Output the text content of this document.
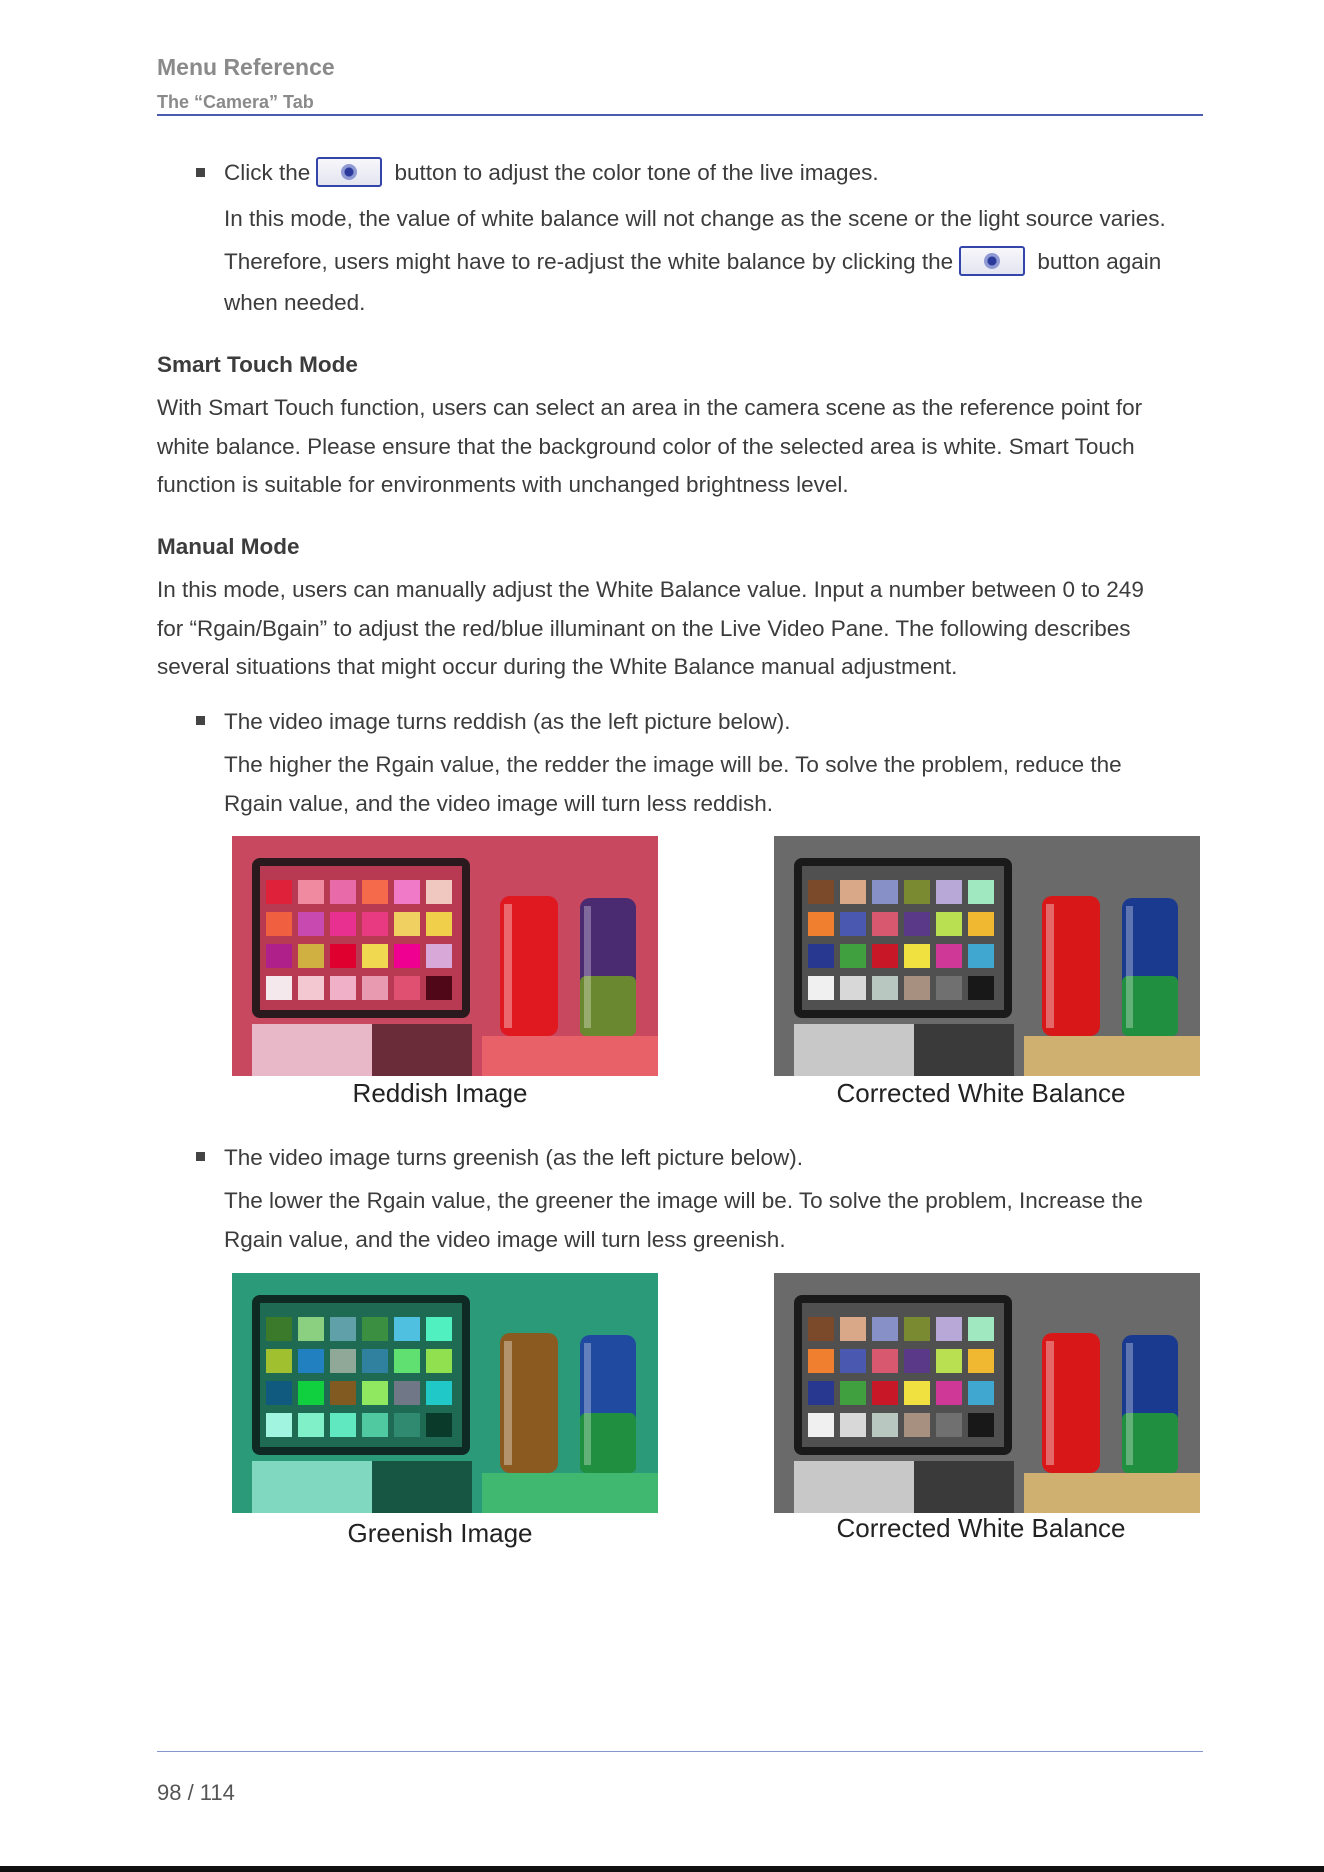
Menu Reference
The “Camera” Tab
Click the	button to adjust the color tone of the live images.
In this mode, the value of white balance will not change as the scene or the light source varies.
Therefore, users might have to re-adjust the white balance by clicking the	button again
when needed.
Smart Touch Mode
With Smart Touch function, users can select an area in the camera scene as the reference point for
white balance. Please ensure that the background color of the selected area is white. Smart Touch
function is suitable for environments with unchanged brightness level.
Manual Mode
In this mode, users can manually adjust the White Balance value. Input a number between 0 to 249
for “Rgain/Bgain” to adjust the red/blue illuminant on the Live Video Pane. The following describes
several situations that might occur during the White Balance manual adjustment.
The video image turns reddish (as the left picture below).
The higher the Rgain value, the redder the image will be. To solve the problem, reduce the
Rgain value, and the video image will turn less reddish.
Reddish Image	Corrected White Balance
The video image turns greenish (as the left picture below).
The lower the Rgain value, the greener the image will be. To solve the problem, Increase the
Rgain value, and the video image will turn less greenish.
Greenish Image	Corrected White Balance
98 / 114
